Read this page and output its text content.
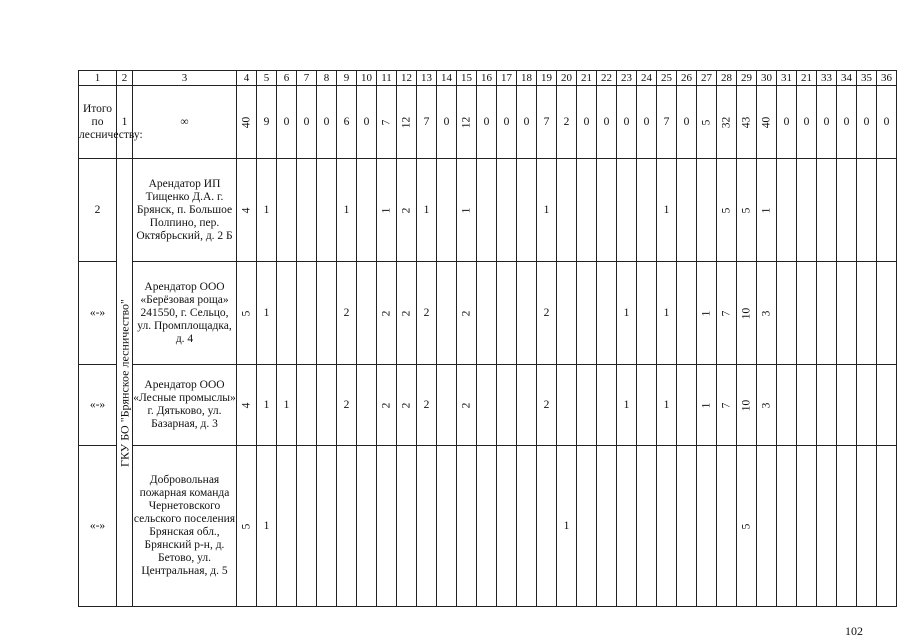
1	2	3	4	5	6	7	8	9	10	11	12	13	14	15	16	17	18	19	20	21	22	23	24	25	26	27	28	29	30	31	21	33	34	35	36
Итого по лесничеству:	1	∞	40	9	0	0	0	6	0	7	12	7	0	12	0	0	0	7	2	0	0	0	0	7	0	5	32	43	40	0	0	0	0	0	0
2	ГКУ БО "Брянское лесничество"	Арендатор ИП Тищенко Д.А. г. Брянск, п. Большое Полпино, пер. Октябрьский, д. 2 Б	4	1				1		1	2	1		1				1						1			5	5	1						
«-»		Арендатор ООО «Берёзовая роща» 241550, г. Сельцо, ул. Промплощадка, д. 4	5	1				2		2	2	2		2				2				1		1		1	7	10	3						
«-»		Арендатор ООО «Лесные промыслы» г. Дятьково, ул. Базарная, д. 3	4	1	1			2		2	2	2		2				2				1		1		1	7	10	3						
«-»		Добровольная пожарная команда Чернетовского сельского поселения Брянская обл., Брянский р-н, д. Бетово, ул. Центральная, д. 5	5	1															1									5							
102
